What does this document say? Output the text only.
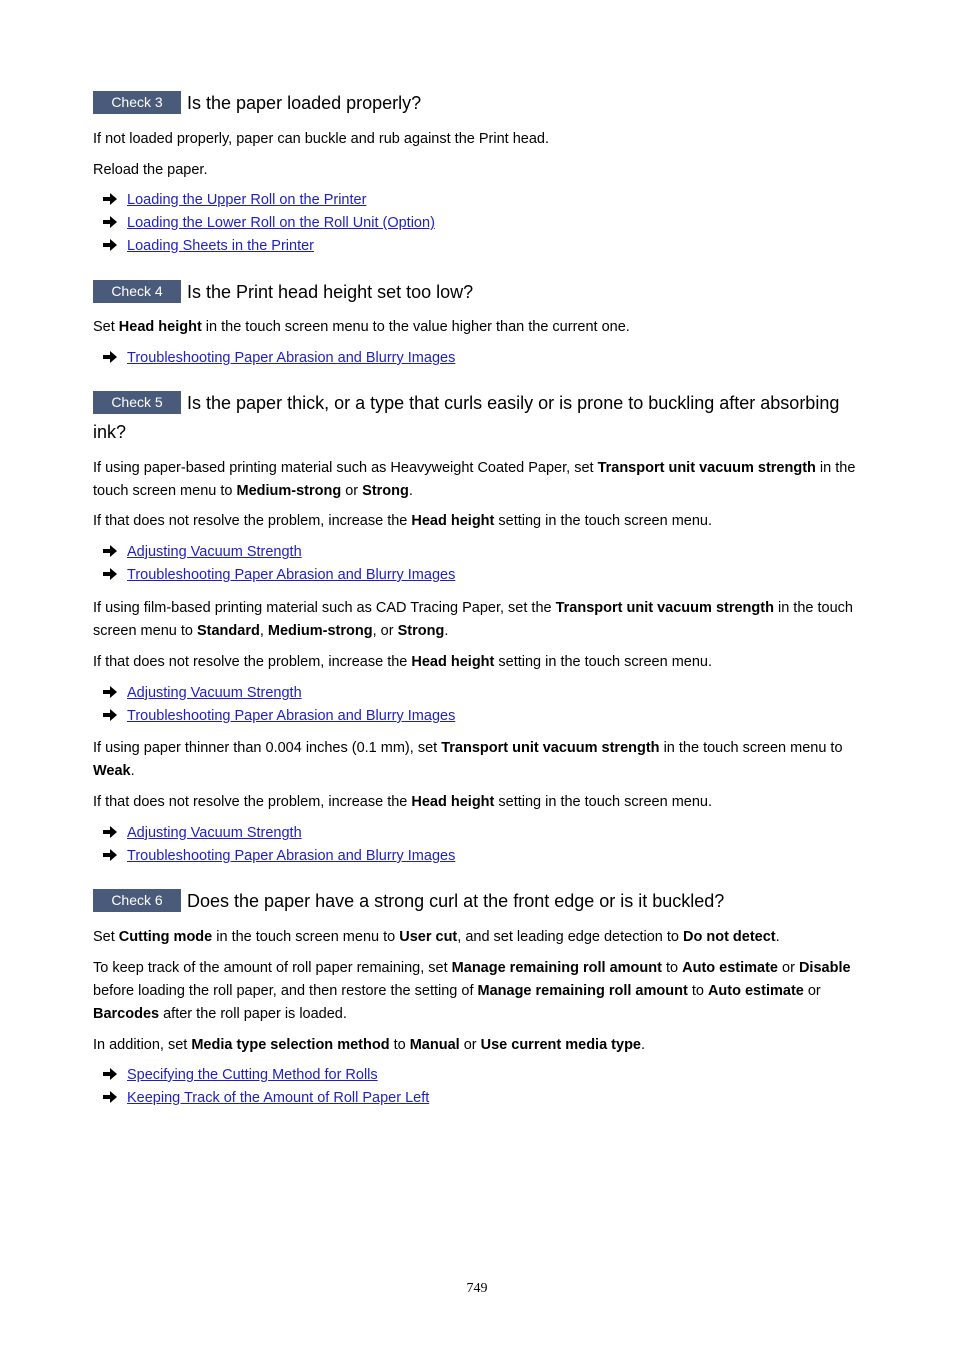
Check 3 Is the paper loaded properly?
If not loaded properly, paper can buckle and rub against the Print head.
Reload the paper.
Loading the Upper Roll on the Printer
Loading the Lower Roll on the Roll Unit (Option)
Loading Sheets in the Printer
Check 4 Is the Print head height set too low?
Set Head height in the touch screen menu to the value higher than the current one.
Troubleshooting Paper Abrasion and Blurry Images
Check 5 Is the paper thick, or a type that curls easily or is prone to buckling after absorbing ink?
If using paper-based printing material such as Heavyweight Coated Paper, set Transport unit vacuum strength in the touch screen menu to Medium-strong or Strong.
If that does not resolve the problem, increase the Head height setting in the touch screen menu.
Adjusting Vacuum Strength
Troubleshooting Paper Abrasion and Blurry Images
If using film-based printing material such as CAD Tracing Paper, set the Transport unit vacuum strength in the touch screen menu to Standard, Medium-strong, or Strong.
If that does not resolve the problem, increase the Head height setting in the touch screen menu.
Adjusting Vacuum Strength
Troubleshooting Paper Abrasion and Blurry Images
If using paper thinner than 0.004 inches (0.1 mm), set Transport unit vacuum strength in the touch screen menu to Weak.
If that does not resolve the problem, increase the Head height setting in the touch screen menu.
Adjusting Vacuum Strength
Troubleshooting Paper Abrasion and Blurry Images
Check 6 Does the paper have a strong curl at the front edge or is it buckled?
Set Cutting mode in the touch screen menu to User cut, and set leading edge detection to Do not detect.
To keep track of the amount of roll paper remaining, set Manage remaining roll amount to Auto estimate or Disable before loading the roll paper, and then restore the setting of Manage remaining roll amount to Auto estimate or Barcodes after the roll paper is loaded.
In addition, set Media type selection method to Manual or Use current media type.
Specifying the Cutting Method for Rolls
Keeping Track of the Amount of Roll Paper Left
749
